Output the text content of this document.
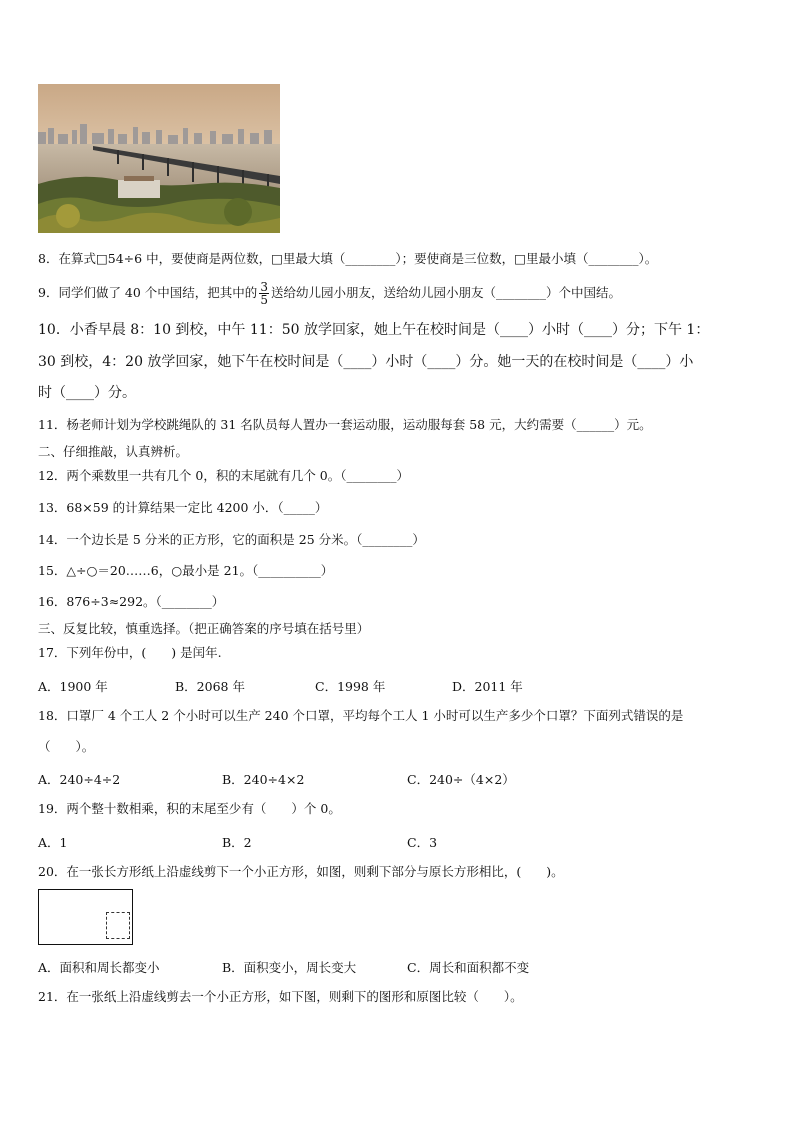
8．在算式□54÷6 中，要使商是两位数，□里最大填（________）；要使商是三位数，□里最小填（________）。
9．同学们做了 40 个中国结，把其中的 $\frac{3}{5}$ 送给幼儿园小朋友，送给幼儿园小朋友（________）个中国结。
10．小香早晨 8：10 到校，中午 11：50 放学回家，她上午在校时间是（____）小时（____）分；下午 1：
30 到校，4：20 放学回家，她下午在校时间是（____）小时（____）分。她一天的在校时间是（____）小
时（____）分。
11．杨老师计划为学校跳绳队的 31 名队员每人置办一套运动服，运动服每套 58 元，大约需要（______）元。
二、仔细推敲，认真辨析。
12．两个乘数里一共有几个 0，积的末尾就有几个 0。（________）
13．68×59 的计算结果一定比 4200 小．（_____）
14．一个边长是 5 分米的正方形，它的面积是 25 分米。（________）
15．△÷○＝20……6，○最小是 21。（__________）
16．876÷3≈292。（________）
三、反复比较，慎重选择。（把正确答案的序号填在括号里）
17．下列年份中，(　　) 是闰年.
A．1900 年	B．2068 年	C．1998 年	D．2011 年
18．口罩厂 4 个工人 2 个小时可以生产 240 个口罩，平均每个工人 1 小时可以生产多少个口罩？下面列式错误的是
（　　）。
A．240÷4÷2	B．240÷4×2	C．240÷（4×2）
19．两个整十数相乘，积的末尾至少有（　　）个 0。
A．1	B．2	C．3
20．在一张长方形纸上沿虚线剪下一个小正方形，如图，则剩下部分与原长方形相比，(　　)。
A．面积和周长都变小	B．面积变小，周长变大	C．周长和面积都不变
21．在一张纸上沿虚线剪去一个小正方形，如下图，则剩下的图形和原图比较（　　）。
